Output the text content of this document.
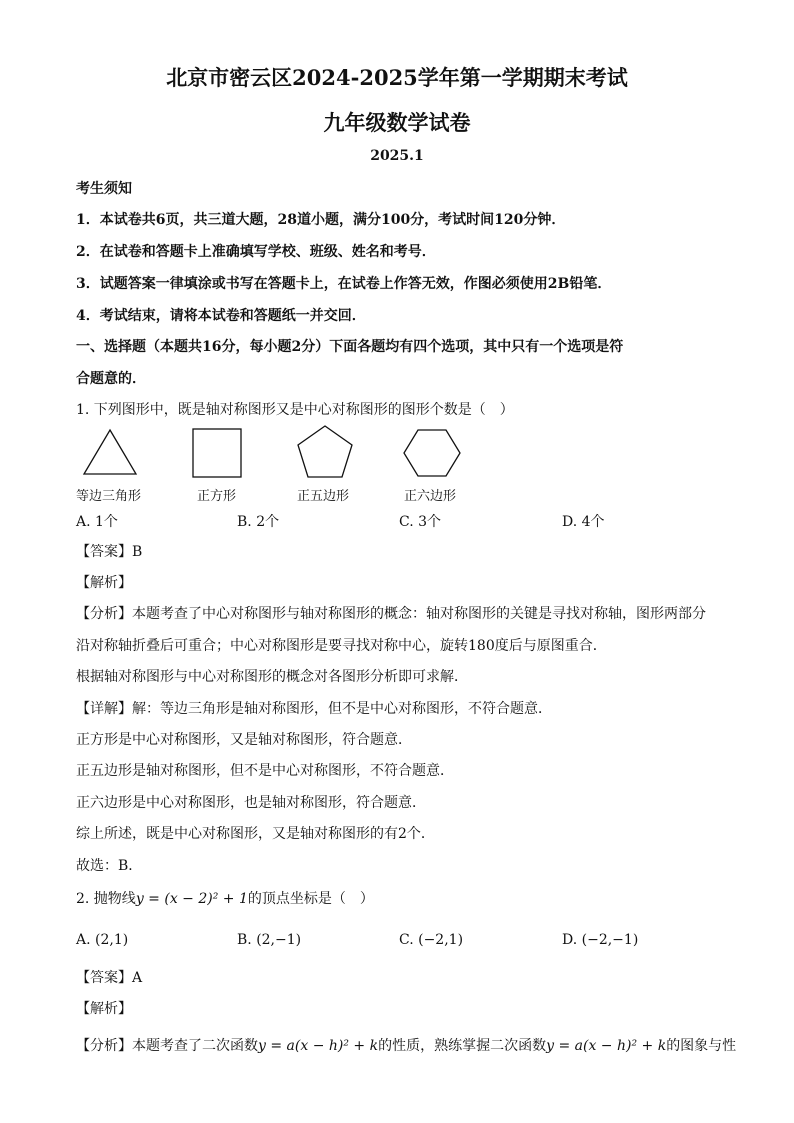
北京市密云区2024-2025学年第一学期期末考试
九年级数学试卷
2025.1
考生须知
1．本试卷共6页，共三道大题，28道小题，满分100分，考试时间120分钟．
2．在试卷和答题卡上准确填写学校、班级、姓名和考号．
3．试题答案一律填涂或书写在答题卡上，在试卷上作答无效，作图必须使用2B铅笔．
4．考试结束，请将本试卷和答题纸一并交回．
一、选择题（本题共16分，每小题2分）下面各题均有四个选项，其中只有一个选项是符
合题意的．
1. 下列图形中，既是轴对称图形又是中心对称图形的图形个数是（　）
等边三角形	正方形	正五边形	正六边形
A. 1个	B. 2个	C. 3个	D. 4个
【答案】B
【解析】
【分析】本题考查了中心对称图形与轴对称图形的概念：轴对称图形的关键是寻找对称轴，图形两部分
沿对称轴折叠后可重合；中心对称图形是要寻找对称中心，旋转180度后与原图重合．
根据轴对称图形与中心对称图形的概念对各图形分析即可求解．
【详解】解：等边三角形是轴对称图形，但不是中心对称图形，不符合题意．
正方形是中心对称图形，又是轴对称图形，符合题意．
正五边形是轴对称图形，但不是中心对称图形，不符合题意．
正六边形是中心对称图形，也是轴对称图形，符合题意．
综上所述，既是中心对称图形，又是轴对称图形的有2个．
故选：B．
2. 抛物线y = (x − 2)² + 1的顶点坐标是（　）
A. (2,1)	B. (2,−1)	C. (−2,1)	D. (−2,−1)
【答案】A
【解析】
【分析】本题考查了二次函数y = a(x − h)² + k的性质，熟练掌握二次函数y = a(x − h)² + k的图象与性
